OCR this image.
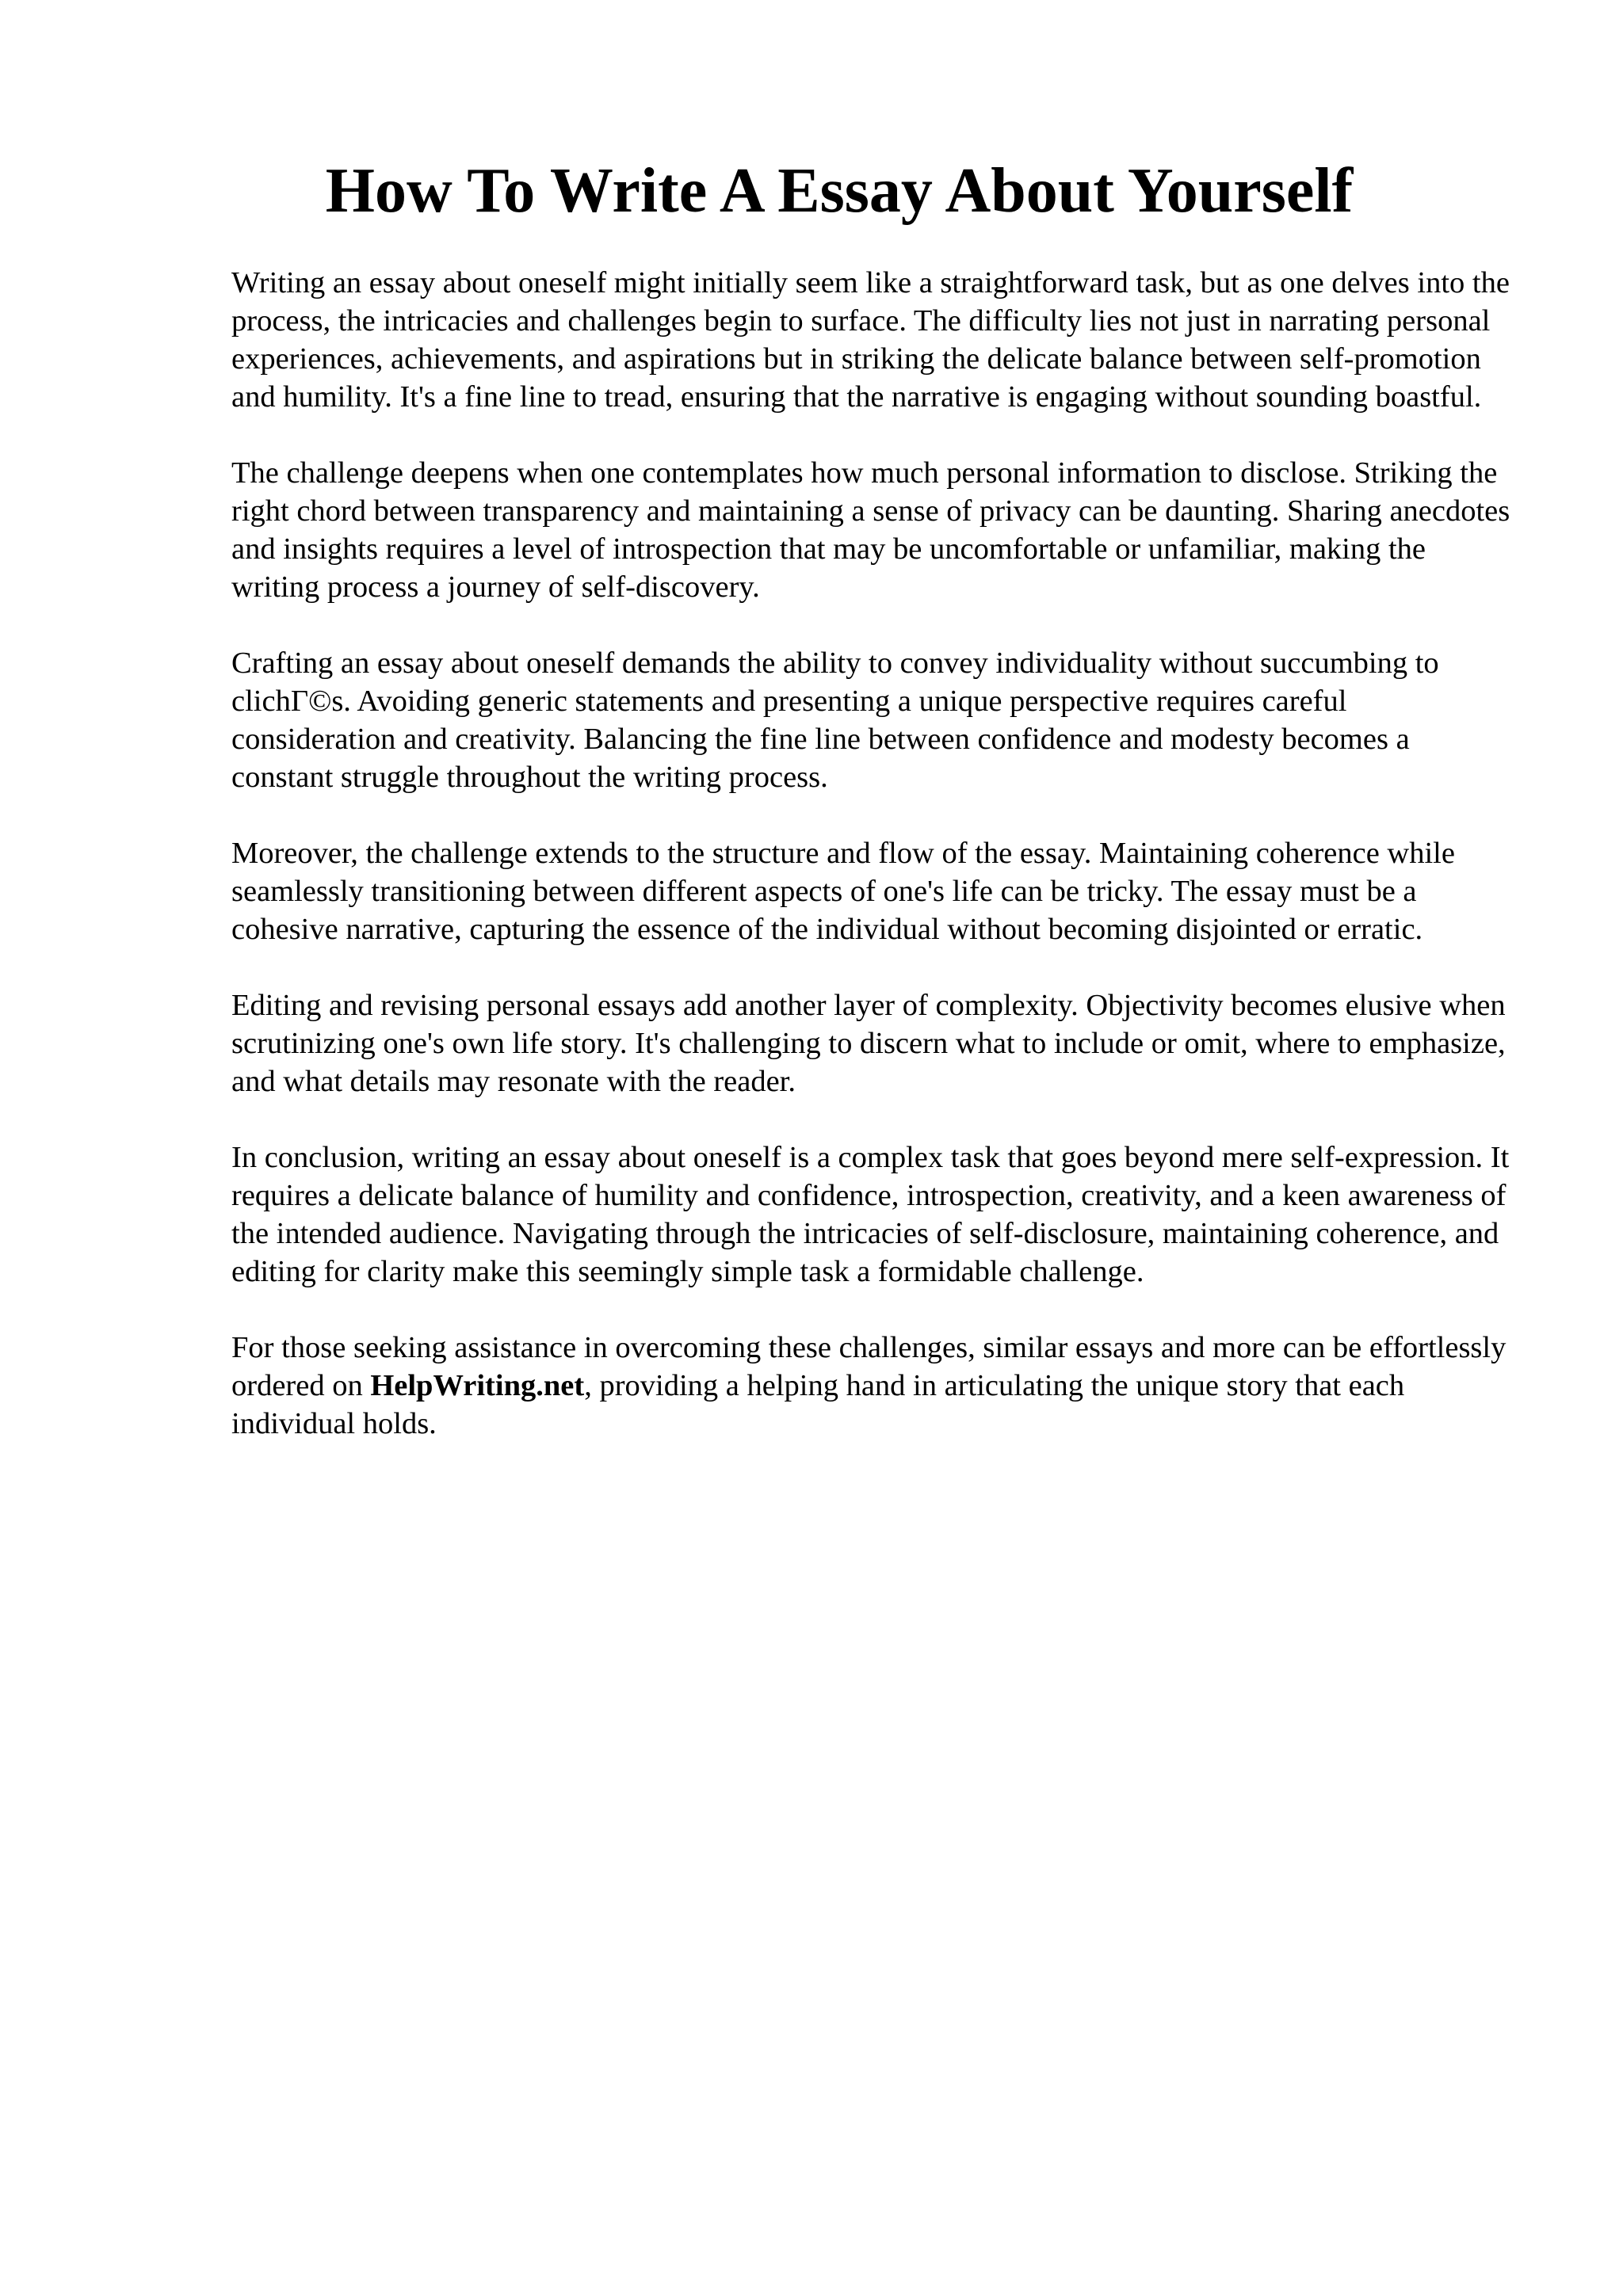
How To Write A Essay About Yourself

Writing an essay about oneself might initially seem like a straightforward task, but as one delves into the process, the intricacies and challenges begin to surface. The difficulty lies not just in narrating personal experiences, achievements, and aspirations but in striking the delicate balance between self-promotion and humility. It's a fine line to tread, ensuring that the narrative is engaging without sounding boastful.

The challenge deepens when one contemplates how much personal information to disclose. Striking the right chord between transparency and maintaining a sense of privacy can be daunting. Sharing anecdotes and insights requires a level of introspection that may be uncomfortable or unfamiliar, making the writing process a journey of self-discovery.

Crafting an essay about oneself demands the ability to convey individuality without succumbing to clichГ©s. Avoiding generic statements and presenting a unique perspective requires careful consideration and creativity. Balancing the fine line between confidence and modesty becomes a constant struggle throughout the writing process.

Moreover, the challenge extends to the structure and flow of the essay. Maintaining coherence while seamlessly transitioning between different aspects of one's life can be tricky. The essay must be a cohesive narrative, capturing the essence of the individual without becoming disjointed or erratic.

Editing and revising personal essays add another layer of complexity. Objectivity becomes elusive when scrutinizing one's own life story. It's challenging to discern what to include or omit, where to emphasize, and what details may resonate with the reader.

In conclusion, writing an essay about oneself is a complex task that goes beyond mere self-expression. It requires a delicate balance of humility and confidence, introspection, creativity, and a keen awareness of the intended audience. Navigating through the intricacies of self-disclosure, maintaining coherence, and editing for clarity make this seemingly simple task a formidable challenge.

For those seeking assistance in overcoming these challenges, similar essays and more can be effortlessly ordered on HelpWriting.net, providing a helping hand in articulating the unique story that each individual holds.
